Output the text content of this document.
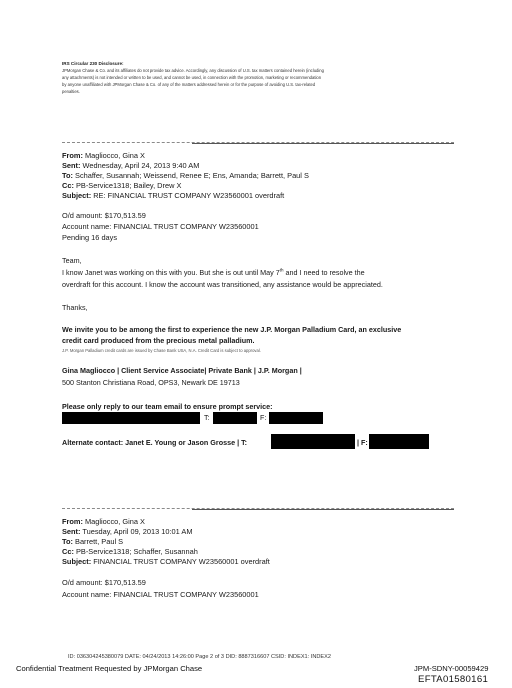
IRS Circular 230 Disclosure:
JPMorgan Chase & Co. and its affiliates do not provide tax advice. Accordingly, any discussion of U.S. tax matters contained herein (including
any attachments) is not intended or written to be used, and cannot be used, in connection with the promotion, marketing or recommendation
by anyone unaffiliated with JPMorgan Chase & Co. of any of the matters addressed herein or for the purpose of avoiding U.S. tax-related
penalties.
From: Magliocco, Gina X
Sent: Wednesday, April 24, 2013 9:40 AM
To: Schaffer, Susannah; Weissend, Renee E; Ens, Amanda; Barrett, Paul S
Cc: PB-Service1318; Bailey, Drew X
Subject: RE: FINANCIAL TRUST COMPANY W23560001 overdraft
O/d amount: $170,513.59
Account name: FINANCIAL TRUST COMPANY W23560001
Pending 16 days
Team,
I know Janet was working on this with you. But she is out until May 7th and I need to resolve the
overdraft for this account. I know the account was transitioned, any assistance would be appreciated.
Thanks,
We invite you to be among the first to experience the new J.P. Morgan Palladium Card, an exclusive
credit card produced from the precious metal palladium.
J.P. Morgan Palladium credit cards are issued by Chase Bank USA, N.A. Credit Card is subject to approval.
Gina Magliocco | Client Service Associate| Private Bank | J.P. Morgan |
500 Stanton Christiana Road, OPS3, Newark DE 19713
Please only reply to our team email to ensure prompt service:
T:	F:
Alternate contact: Janet E. Young or Jason Grosse | T:	| F:
From: Magliocco, Gina X
Sent: Tuesday, April 09, 2013 10:01 AM
To: Barrett, Paul S
Cc: PB-Service1318; Schaffer, Susannah
Subject: FINANCIAL TRUST COMPANY W23560001 overdraft
O/d amount: $170,513.59
Account name: FINANCIAL TRUST COMPANY W23560001
ID: 036304245380079 DATE: 04/24/2013 14:26:00 Page 2 of 3 DID: 8887316607 CSID: INDEX1: INDEX2
Confidential Treatment Requested by JPMorgan Chase	JPM-SDNY-00059429
EFTA01580161
